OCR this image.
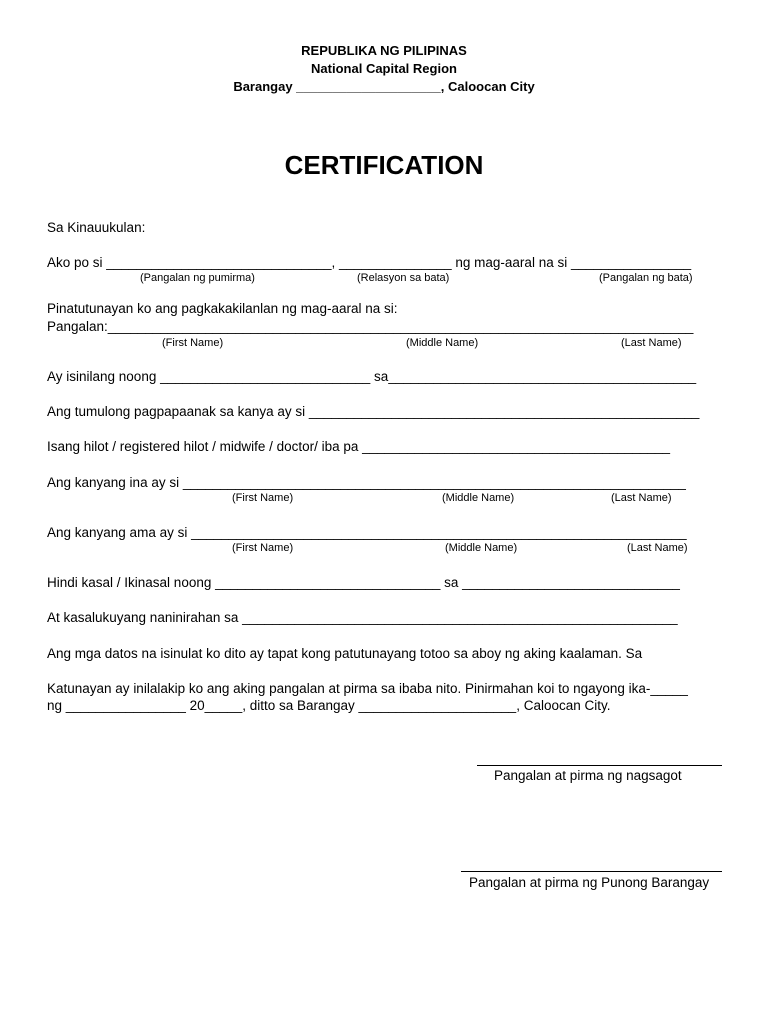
REPUBLIKA NG PILIPINAS
National Capital Region
Barangay ____________________, Caloocan City
CERTIFICATION
Sa Kinauukulan:
Ako po si ______________________________, _______________ ng mag-aaral na si ________________
(Pangalan ng pumirma)	(Relasyon sa bata)	(Pangalan ng bata)
Pinatutunayan ko ang pagkakakilanlan ng mag-aaral na si:
Pangalan:______________________________________________________________________________
(First Name)	(Middle Name)	(Last Name)
Ay isinilang noong ____________________________ sa_________________________________________
Ang tumulong pagpapaanak sa kanya ay si ____________________________________________________
Isang hilot / registered hilot / midwife / doctor/ iba pa _________________________________________
Ang kanyang ina ay si ___________________________________________________________________
(First Name)	(Middle Name)	(Last Name)
Ang kanyang ama ay si __________________________________________________________________
(First Name)	(Middle Name)	(Last Name)
Hindi kasal / Ikinasal noong ______________________________ sa _____________________________
At kasalukuyang naninirahan sa __________________________________________________________
Ang mga datos na isinulat ko dito ay tapat kong patutunayang totoo sa aboy ng aking kaalaman. Sa
Katunayan ay inilalakip ko ang aking pangalan at pirma sa ibaba nito. Pinirmahan koi to ngayong ika-_____
ng ________________ 20_____, ditto sa Barangay _____________________, Caloocan City.
Pangalan at pirma ng nagsagot
Pangalan at pirma ng Punong Barangay
